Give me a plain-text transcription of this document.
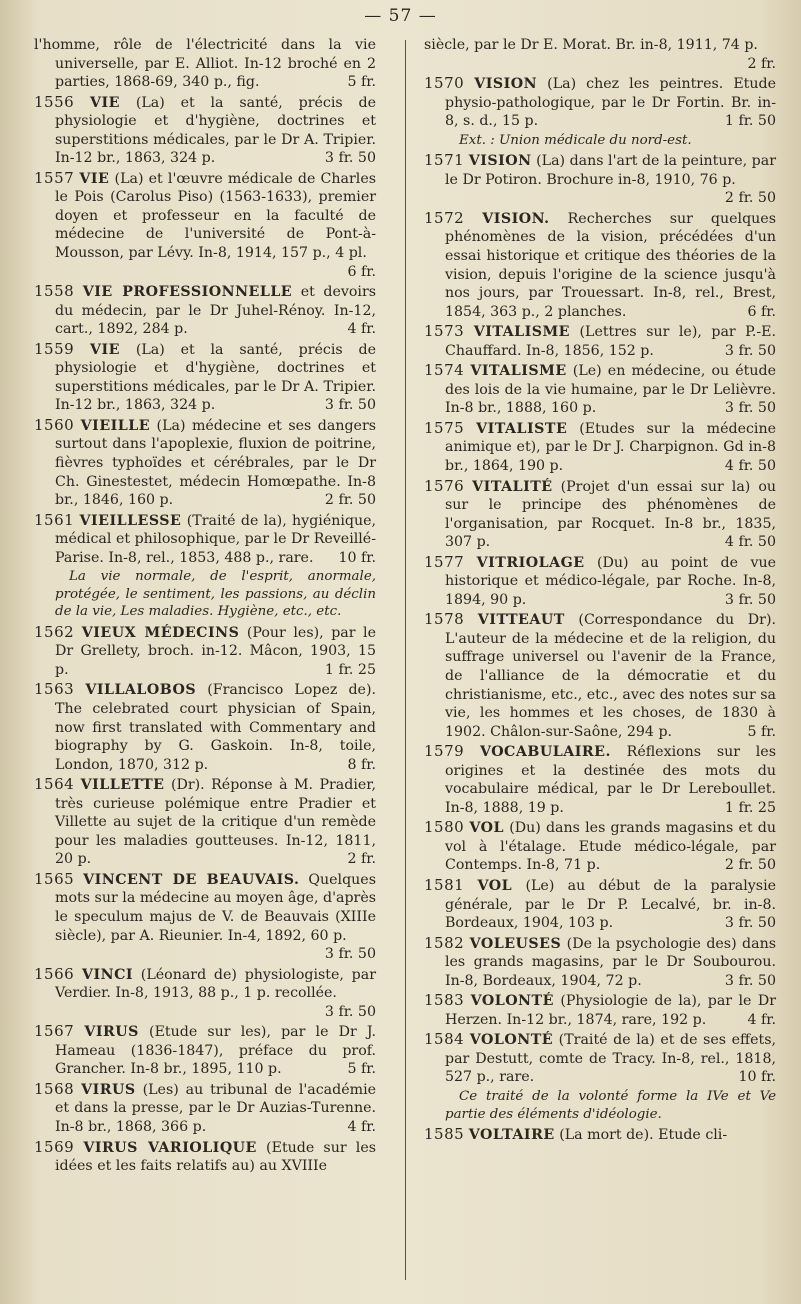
— 57 —
l'homme, rôle de l'électricité dans la vie universelle, par E. Alliot. In-12 broché en 2 parties, 1868-69, 340 p., fig.	5 fr.
1556 VIE (La) et la santé, précis de physiologie et d'hygiène, doctrines et superstitions médicales, par le Dr A. Tripier. In-12 br., 1863, 324 p.	3 fr. 50
1557 VIE (La) et l'œuvre médicale de Charles le Pois (Carolus Piso) (1563-1633), premier doyen et professeur en la faculté de médecine de l'université de Pont-à-Mousson, par Lévy. In-8, 1914, 157 p., 4 pl.
6 fr.
1558 VIE PROFESSIONNELLE et devoirs du médecin, par le Dr Juhel-Rénoy. In-12, cart., 1892, 284 p.	4 fr.
1559 VIE (La) et la santé, précis de physiologie et d'hygiène, doctrines et superstitions médicales, par le Dr A. Tripier. In-12 br., 1863, 324 p.	3 fr. 50
1560 VIEILLE (La) médecine et ses dangers surtout dans l'apoplexie, fluxion de poitrine, fièvres typhoïdes et cérébrales, par le Dr Ch. Ginestestet, médecin Homœpathe. In-8 br., 1846, 160 p.	2 fr. 50
1561 VIEILLESSE (Traité de la), hygiénique, médical et philosophique, par le Dr Reveillé-Parise. In-8, rel., 1853, 488 p., rare.	10 fr.
La vie normale, de l'esprit, anormale, protégée, le sentiment, les passions, au déclin de la vie, Les maladies. Hygiène, etc., etc.
1562 VIEUX MÉDECINS (Pour les), par le Dr Grellety, broch. in-12. Mâcon, 1903, 15 p.	1 fr. 25
1563 VILLALOBOS (Francisco Lopez de). The celebrated court physician of Spain, now first translated with Commentary and biography by G. Gaskoin. In-8, toile, London, 1870, 312 p.	8 fr.
1564 VILLETTE (Dr). Réponse à M. Pradier, très curieuse polémique entre Pradier et Villette au sujet de la critique d'un remède pour les maladies goutteuses. In-12, 1811, 20 p.	2 fr.
1565 VINCENT DE BEAUVAIS. Quelques mots sur la médecine au moyen âge, d'après le speculum majus de V. de Beauvais (XIIIe siècle), par A. Rieunier. In-4, 1892, 60 p.
3 fr. 50
1566 VINCI (Léonard de) physiologiste, par Verdier. In-8, 1913, 88 p., 1 p. recollée.
3 fr. 50
1567 VIRUS (Etude sur les), par le Dr J. Hameau (1836-1847), préface du prof. Grancher. In-8 br., 1895, 110 p.	5 fr.
1568 VIRUS (Les) au tribunal de l'académie et dans la presse, par le Dr Auzias-Turenne. In-8 br., 1868, 366 p.	4 fr.
1569 VIRUS VARIOLIQUE (Etude sur les idées et les faits relatifs au) au XVIIIe
siècle, par le Dr E. Morat. Br. in-8, 1911, 74 p.
2 fr.
1570 VISION (La) chez les peintres. Etude physio-pathologique, par le Dr Fortin. Br. in-8, s. d., 15 p.	1 fr. 50
Ext. : Union médicale du nord-est.
1571 VISION (La) dans l'art de la peinture, par le Dr Potiron. Brochure in-8, 1910, 76 p.
2 fr. 50
1572 VISION. Recherches sur quelques phénomènes de la vision, précédées d'un essai historique et critique des théories de la vision, depuis l'origine de la science jusqu'à nos jours, par Trouessart. In-8, rel., Brest, 1854, 363 p., 2 planches.	6 fr.
1573 VITALISME (Lettres sur le), par P.-E. Chauffard. In-8, 1856, 152 p.	3 fr. 50
1574 VITALISME (Le) en médecine, ou étude des lois de la vie humaine, par le Dr Lelièvre. In-8 br., 1888, 160 p.	3 fr. 50
1575 VITALISTE (Etudes sur la médecine animique et), par le Dr J. Charpignon. Gd in-8 br., 1864, 190 p.	4 fr. 50
1576 VITALITÉ (Projet d'un essai sur la) ou sur le principe des phénomènes de l'organisation, par Rocquet. In-8 br., 1835, 307 p.	4 fr. 50
1577 VITRIOLAGE (Du) au point de vue historique et médico-légale, par Roche. In-8, 1894, 90 p.	3 fr. 50
1578 VITTEAUT (Correspondance du Dr). L'auteur de la médecine et de la religion, du suffrage universel ou l'avenir de la France, de l'alliance de la démocratie et du christianisme, etc., etc., avec des notes sur sa vie, les hommes et les choses, de 1830 à 1902. Châlon-sur-Saône, 294 p.	5 fr.
1579 VOCABULAIRE. Réflexions sur les origines et la destinée des mots du vocabulaire médical, par le Dr Lereboullet. In-8, 1888, 19 p.	1 fr. 25
1580 VOL (Du) dans les grands magasins et du vol à l'étalage. Etude médico-légale, par Contemps. In-8, 71 p.	2 fr. 50
1581 VOL (Le) au début de la paralysie générale, par le Dr P. Lecalvé, br. in-8. Bordeaux, 1904, 103 p.	3 fr. 50
1582 VOLEUSES (De la psychologie des) dans les grands magasins, par le Dr Soubourou. In-8, Bordeaux, 1904, 72 p.	3 fr. 50
1583 VOLONTÉ (Physiologie de la), par le Dr Herzen. In-12 br., 1874, rare, 192 p.	4 fr.
1584 VOLONTÉ (Traité de la) et de ses effets, par Destutt, comte de Tracy. In-8, rel., 1818, 527 p., rare.	10 fr.
Ce traité de la volonté forme la IVe et Ve partie des éléments d'idéologie.
1585 VOLTAIRE (La mort de). Etude cli-
